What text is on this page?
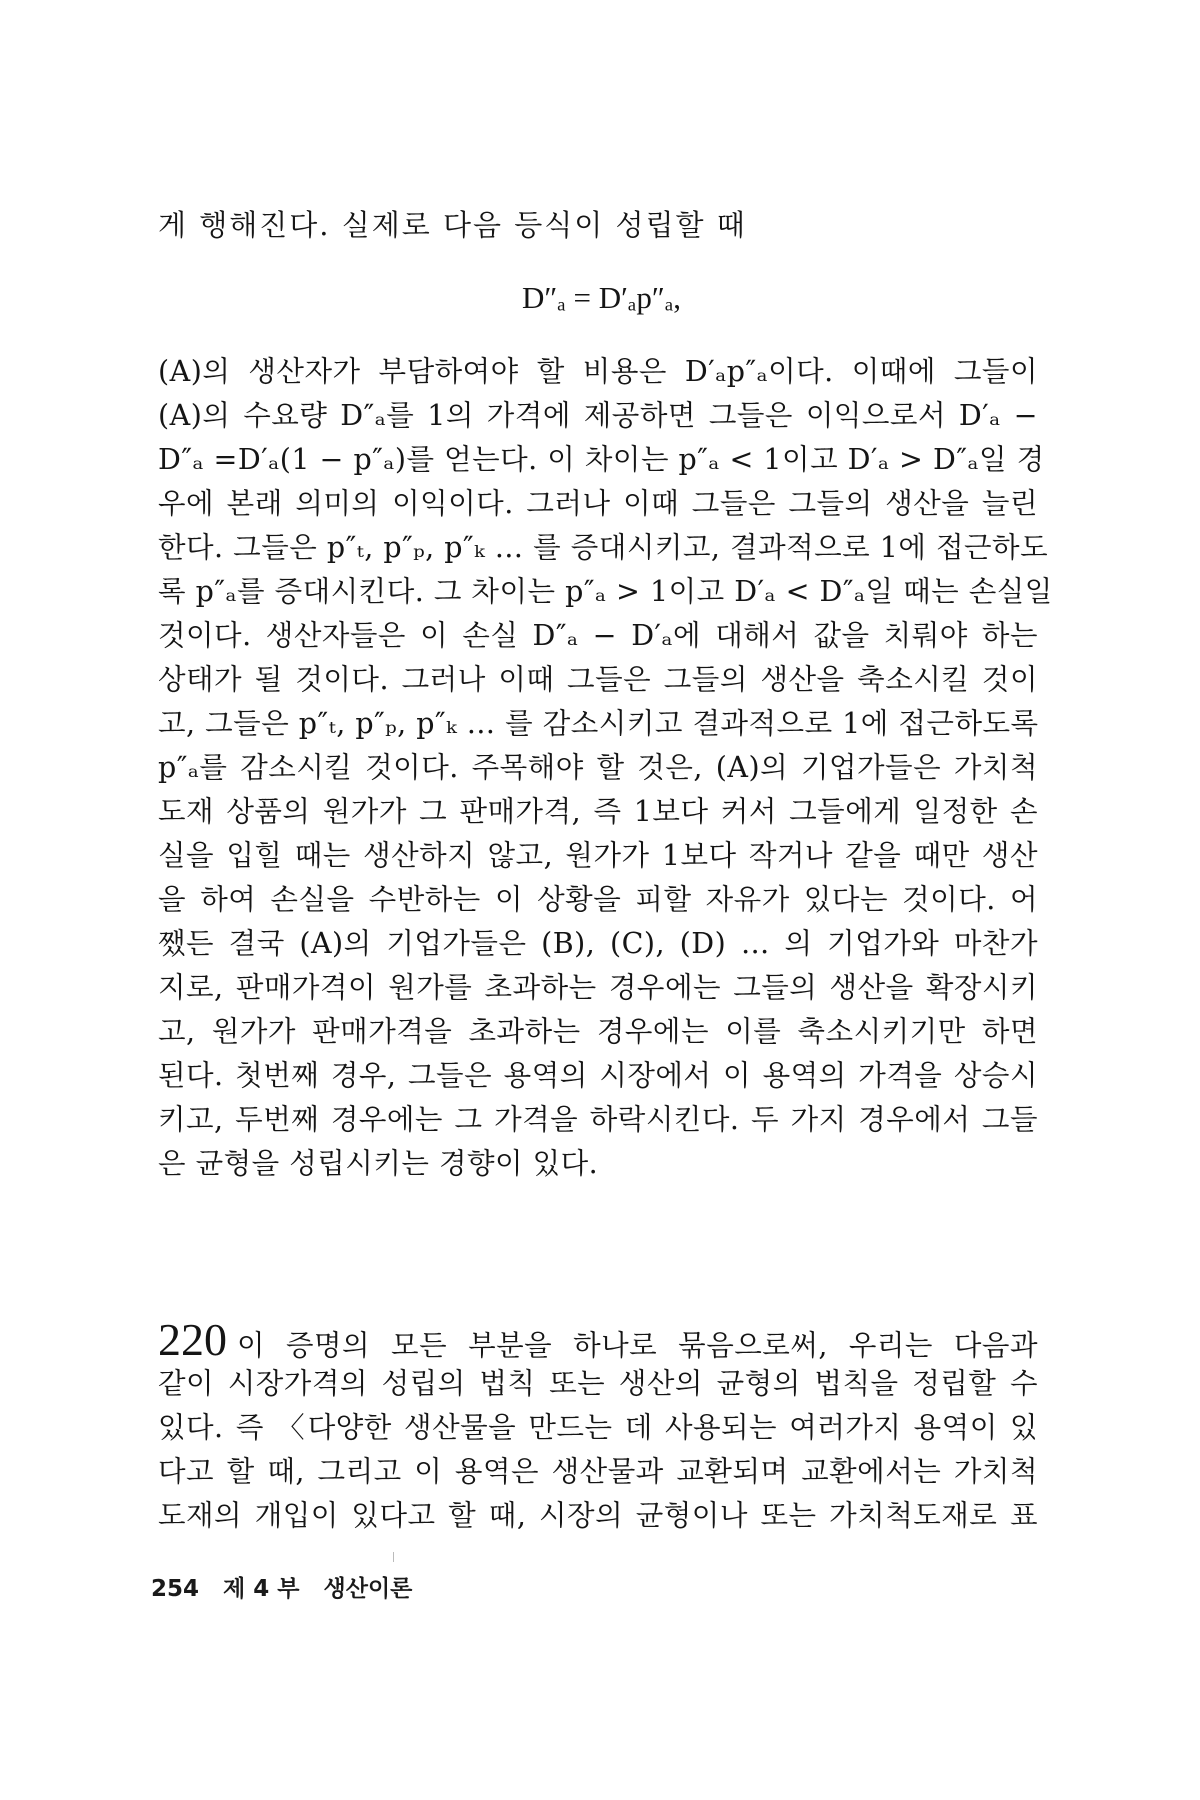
게 행해진다. 실제로 다음 등식이 성립할 때
D″ₐ = D′ₐp″ₐ,
(A)의 생산자가 부담하여야 할 비용은 D′ₐp″ₐ이다. 이때에 그들이
(A)의 수요량 D″ₐ를 1의 가격에 제공하면 그들은 이익으로서 D′ₐ −
D″ₐ =D′ₐ(1 − p″ₐ)를 얻는다. 이 차이는 p″ₐ < 1이고 D′ₐ > D″ₐ일 경
우에 본래 의미의 이익이다. 그러나 이때 그들은 그들의 생산을 늘린
한다. 그들은 p″ₜ, p″ₚ, p″ₖ … 를 증대시키고, 결과적으로 1에 접근하도
록 p″ₐ를 증대시킨다. 그 차이는 p″ₐ > 1이고 D′ₐ < D″ₐ일 때는 손실일
것이다. 생산자들은 이 손실 D″ₐ − D′ₐ에 대해서 값을 치뤄야 하는
상태가 될 것이다. 그러나 이때 그들은 그들의 생산을 축소시킬 것이
고, 그들은 p″ₜ, p″ₚ, p″ₖ … 를 감소시키고 결과적으로 1에 접근하도록
p″ₐ를 감소시킬 것이다. 주목해야 할 것은, (A)의 기업가들은 가치척
도재 상품의 원가가 그 판매가격, 즉 1보다 커서 그들에게 일정한 손
실을 입힐 때는 생산하지 않고, 원가가 1보다 작거나 같을 때만 생산
을 하여 손실을 수반하는 이 상황을 피할 자유가 있다는 것이다. 어
쨌든 결국 (A)의 기업가들은 (B), (C), (D) … 의 기업가와 마찬가
지로, 판매가격이 원가를 초과하는 경우에는 그들의 생산을 확장시키
고, 원가가 판매가격을 초과하는 경우에는 이를 축소시키기만 하면
된다. 첫번째 경우, 그들은 용역의 시장에서 이 용역의 가격을 상승시
키고, 두번째 경우에는 그 가격을 하락시킨다. 두 가지 경우에서 그들
은 균형을 성립시키는 경향이 있다.
220 이 증명의 모든 부분을 하나로 묶음으로써, 우리는 다음과
같이 시장가격의 성립의 법칙 또는 생산의 균형의 법칙을 정립할 수
있다. 즉 〈다양한 생산물을 만드는 데 사용되는 여러가지 용역이 있
다고 할 때, 그리고 이 용역은 생산물과 교환되며 교환에서는 가치척
도재의 개입이 있다고 할 때, 시장의 균형이나 또는 가치척도재로 표
254 제 4 부 생산이론
